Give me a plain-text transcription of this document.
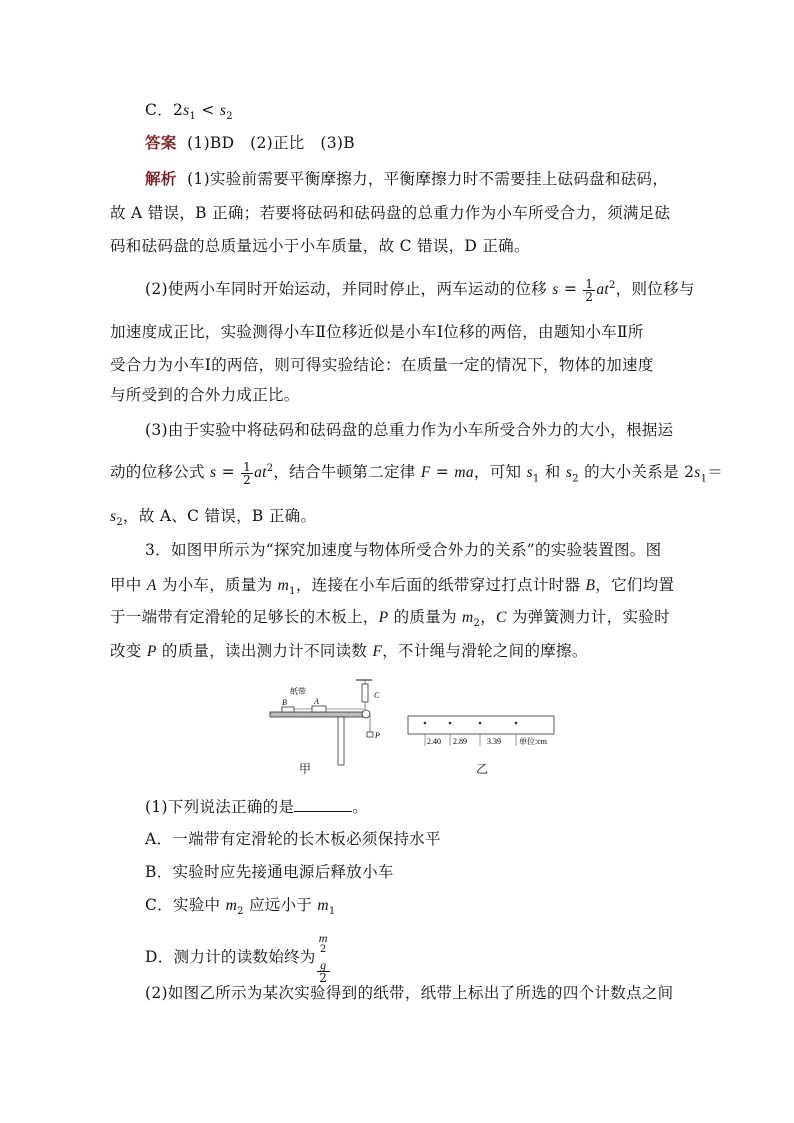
C．$2s_1 < s_2$
答案 (1)BD　(2)正比　(3)B
解析 (1)实验前需要平衡摩擦力，平衡摩擦力时不需要挂上砝码盘和砝码，
故 A 错误，B 正确；若要将砝码和砝码盘的总重力作为小车所受合力，须满足砝
码和砝码盘的总质量远小于小车质量，故 C 错误，D 正确。
(2)使两小车同时开始运动，并同时停止，两车运动的位移 $s = \frac{1}{2} at^2$，则位移与
加速度成正比，实验测得小车Ⅱ位移近似是小车Ⅰ位移的两倍，由题知小车Ⅱ所
受合力为小车Ⅰ的两倍，则可得实验结论：在质量一定的情况下，物体的加速度
与所受到的合外力成正比。
(3)由于实验中将砝码和砝码盘的总重力作为小车所受合外力的大小，根据运
动的位移公式 $s = \frac{1}{2} at^2$，结合牛顿第二定律 F = ma，可知 $s_1$ 和 $s_2$ 的大小关系是 $2s_1=$
$s_2$，故 A、C 错误，B 正确。
3．如图甲所示为“探究加速度与物体所受合外力的关系”的实验装置图。图
甲中 A 为小车，质量为 $m_1$，连接在小车后面的纸带穿过打点计时器 B，它们均置
于一端带有定滑轮的足够长的木板上，P 的质量为 $m_2$，C 为弹簧测力计，实验时
改变 P 的质量，读出测力计不同读数 F，不计绳与滑轮之间的摩擦。
纸带
B	A
C
P
甲
2.40 2.89	3.39 单位:cm
乙
(1)下列说法正确的是	。
A．一端带有定滑轮的长木板必须保持水平
B．实验时应先接通电源后释放小车
C．实验中 $m_2$ 应远小于 $m_1$
D．测力计的读数始终为 m
$^2$
g
2
(2)如图乙所示为某次实验得到的纸带，纸带上标出了所选的四个计数点之间
